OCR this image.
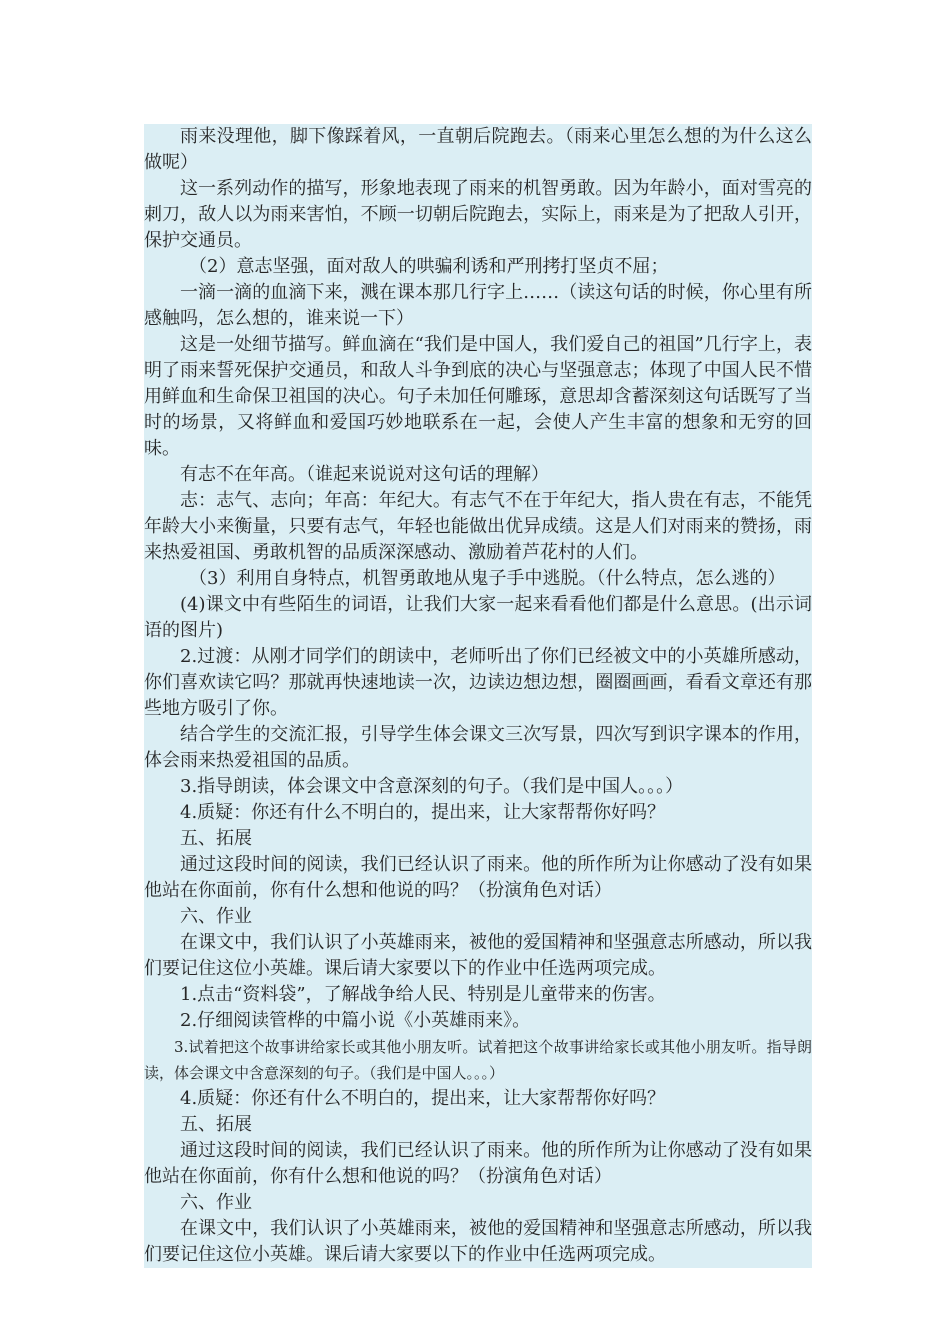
雨来没理他，脚下像踩着风，一直朝后院跑去。（雨来心里怎么想的为什么这么做呢）

这一系列动作的描写，形象地表现了雨来的机智勇敢。因为年龄小，面对雪亮的刺刀，敌人以为雨来害怕，不顾一切朝后院跑去，实际上，雨来是为了把敌人引开，保护交通员。

（2）意志坚强，面对敌人的哄骗利诱和严刑拷打坚贞不屈；

一滴一滴的血滴下来，溅在课本那几行字上……（读这句话的时候，你心里有所感触吗，怎么想的，谁来说一下）

这是一处细节描写。鲜血滴在“我们是中国人，我们爱自己的祖国”几行字上，表明了雨来誓死保护交通员，和敌人斗争到底的决心与坚强意志；体现了中国人民不惜用鲜血和生命保卫祖国的决心。句子未加任何雕琢，意思却含蓄深刻这句话既写了当时的场景，又将鲜血和爱国巧妙地联系在一起，会使人产生丰富的想象和无穷的回味。

有志不在年高。（谁起来说说对这句话的理解）

志：志气、志向；年高：年纪大。有志气不在于年纪大，指人贵在有志，不能凭年龄大小来衡量，只要有志气，年轻也能做出优异成绩。这是人们对雨来的赞扬，雨来热爱祖国、勇敢机智的品质深深感动、激励着芦花村的人们。

（3）利用自身特点，机智勇敢地从鬼子手中逃脱。（什么特点，怎么逃的）

(4)课文中有些陌生的词语，让我们大家一起来看看他们都是什么意思。(出示词语的图片)

2.过渡：从刚才同学们的朗读中，老师听出了你们已经被文中的小英雄所感动，你们喜欢读它吗？那就再快速地读一次，边读边想边想，圈圈画画，看看文章还有那些地方吸引了你。

结合学生的交流汇报，引导学生体会课文三次写景，四次写到识字课本的作用，体会雨来热爱祖国的品质。

3.指导朗读，体会课文中含意深刻的句子。（我们是中国人。。。）

4.质疑：你还有什么不明白的，提出来，让大家帮帮你好吗？

五、拓展

通过这段时间的阅读，我们已经认识了雨来。他的所作所为让你感动了没有如果他站在你面前，你有什么想和他说的吗？（扮演角色对话）

六、作业

在课文中，我们认识了小英雄雨来，被他的爱国精神和坚强意志所感动，所以我们要记住这位小英雄。课后请大家要以下的作业中任选两项完成。

1.点击“资料袋”，了解战争给人民、特别是儿童带来的伤害。

2.仔细阅读管桦的中篇小说《小英雄雨来》。

3.试着把这个故事讲给家长或其他小朋友听。试着把这个故事讲给家长或其他小朋友听。指导朗读，体会课文中含意深刻的句子。（我们是中国人。。。）

4.质疑：你还有什么不明白的，提出来，让大家帮帮你好吗？

五、拓展

通过这段时间的阅读，我们已经认识了雨来。他的所作所为让你感动了没有如果他站在你面前，你有什么想和他说的吗？（扮演角色对话）

六、作业

在课文中，我们认识了小英雄雨来，被他的爱国精神和坚强意志所感动，所以我们要记住这位小英雄。课后请大家要以下的作业中任选两项完成。
